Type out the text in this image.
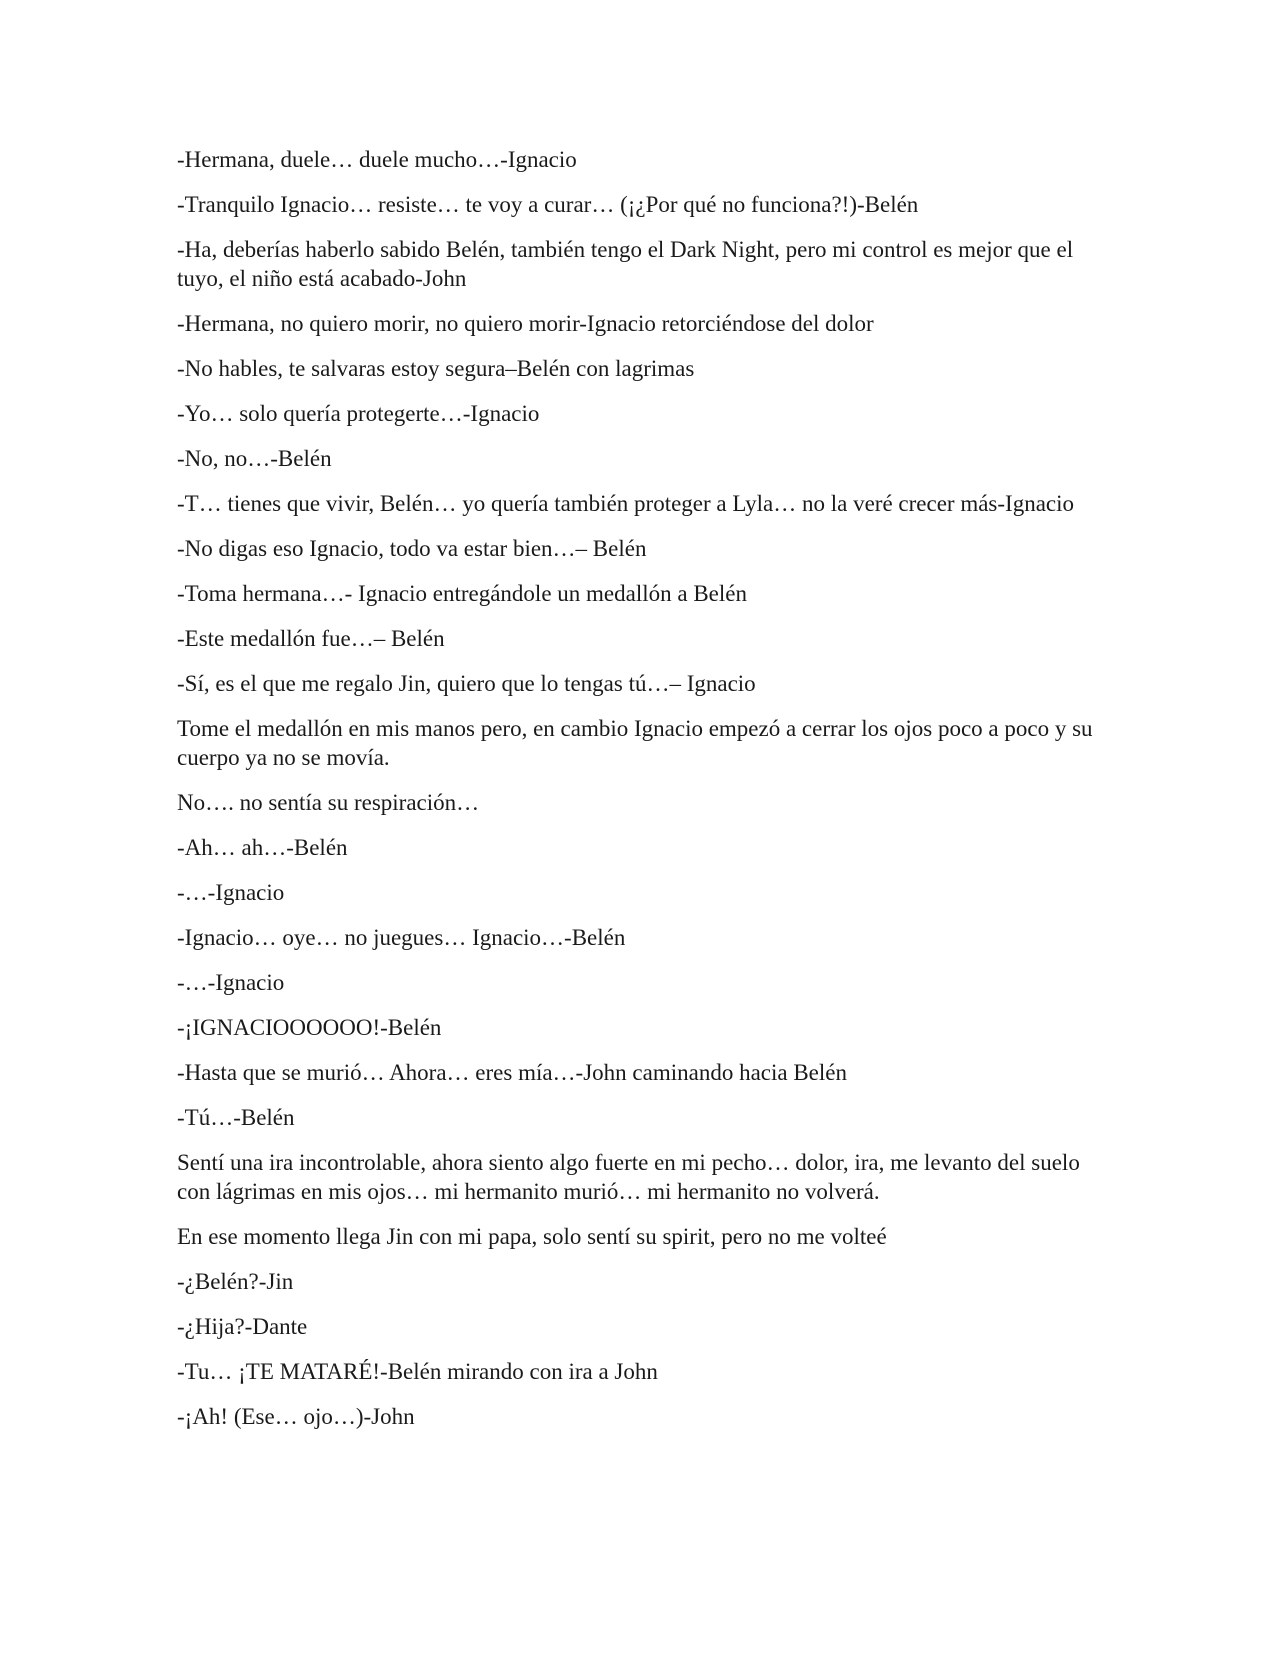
-Hermana, duele… duele mucho…-Ignacio

-Tranquilo Ignacio… resiste… te voy a curar… (¡¿Por qué no funciona?!)-Belén

-Ha, deberías haberlo sabido Belén, también tengo el Dark Night, pero mi control es mejor que el tuyo, el niño está acabado-John

-Hermana, no quiero morir, no quiero morir-Ignacio retorciéndose del dolor

-No hables, te salvaras estoy segura–Belén con lagrimas

-Yo… solo quería protegerte…-Ignacio

-No, no…-Belén

-T… tienes que vivir, Belén… yo quería también proteger a Lyla… no la veré crecer más-Ignacio

-No digas eso Ignacio, todo va estar bien…– Belén

-Toma hermana…- Ignacio entregándole un medallón a Belén

-Este medallón fue…– Belén

-Sí, es el que me regalo Jin, quiero que lo tengas tú…– Ignacio

Tome el medallón en mis manos pero, en cambio Ignacio empezó a cerrar los ojos poco a poco y su cuerpo ya no se movía.

No…. no sentía su respiración…

-Ah… ah…-Belén

-…-Ignacio

-Ignacio… oye… no juegues… Ignacio…-Belén

-…-Ignacio

-¡IGNACIOOOOOO!-Belén

-Hasta que se murió… Ahora… eres mía…-John caminando hacia Belén

-Tú…-Belén

Sentí una ira incontrolable, ahora siento algo fuerte en mi pecho… dolor, ira, me levanto del suelo con lágrimas en mis ojos… mi hermanito murió… mi hermanito no volverá.

En ese momento llega Jin con mi papa, solo sentí su spirit, pero no me volteé

-¿Belén?-Jin

-¿Hija?-Dante

-Tu… ¡TE MATARÉ!-Belén mirando con ira a John

-¡Ah! (Ese… ojo…)-John
